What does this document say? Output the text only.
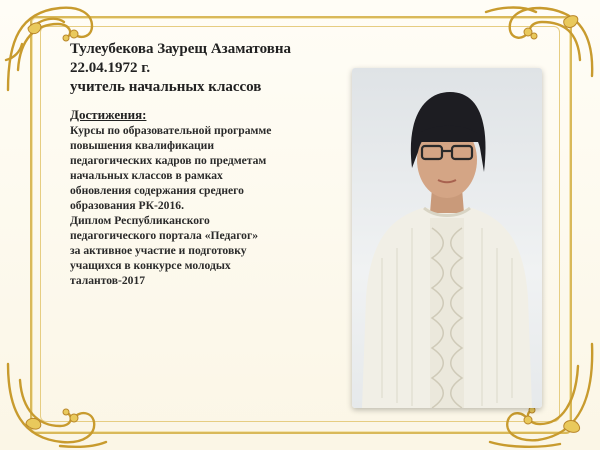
Тулеубекова Заурещ Азаматовна
22.04.1972 г.
учитель начальных классов
Достижения:
Курсы по образовательной программе
повышения квалификации
педагогических кадров по предметам
начальных классов в рамках
обновления содержания среднего
образования РК-2016.
Диплом Республиканского
педагогического портала «Педагог»
за активное участие и подготовку
учащихся в конкурсе молодых
талантов-2017
